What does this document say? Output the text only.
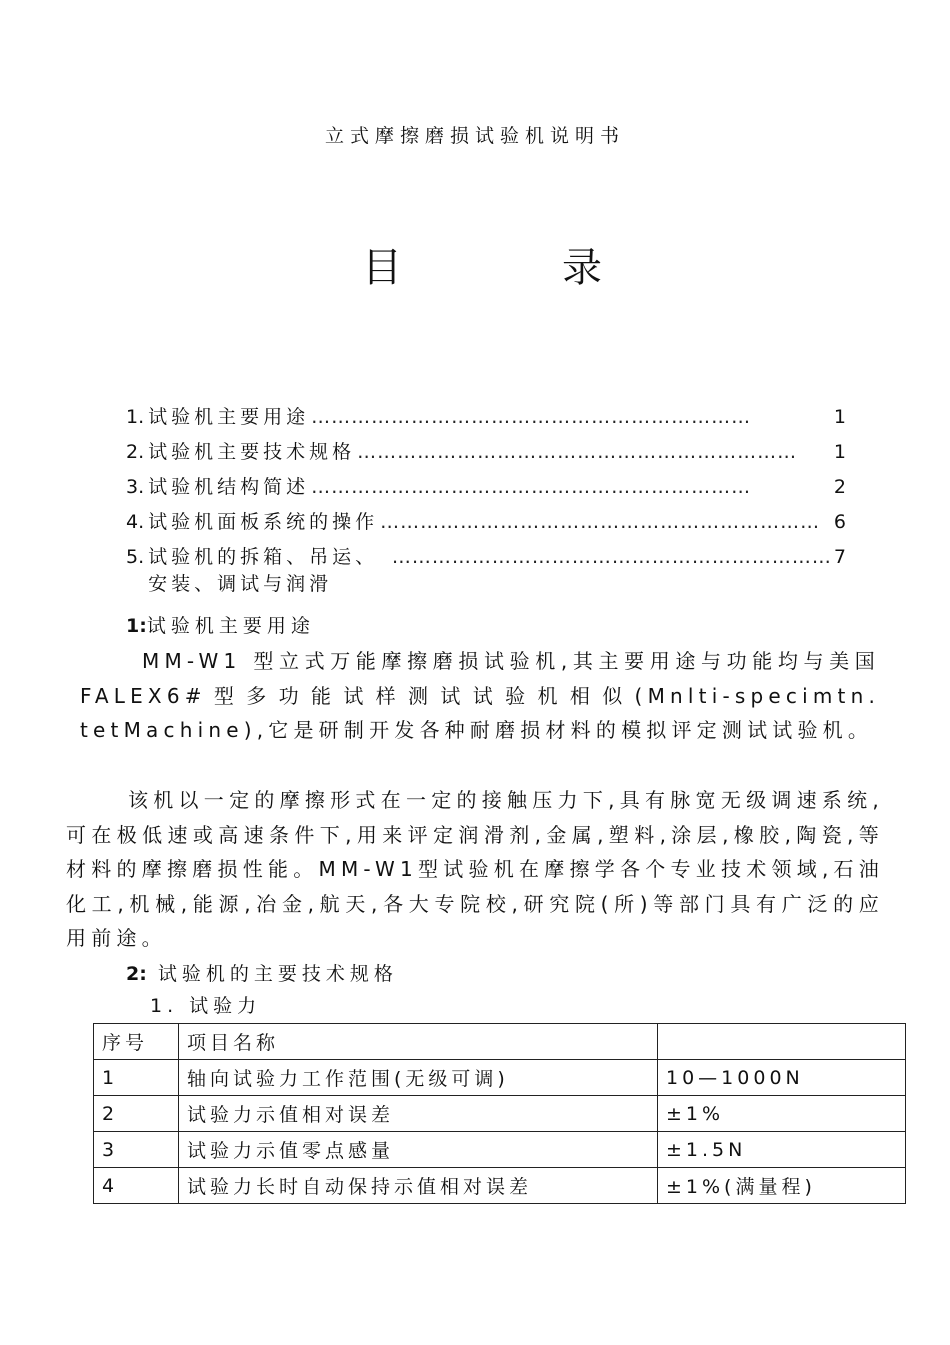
立式摩擦磨损试验机说明书
目	录
1. 试验机主要用途 …………………………………………………………	1
2. 试验机主要技术规格 …………………………………………………………	1
3. 试验机结构简述 …………………………………………………………	2
4. 试验机面板系统的操作 ………………………………………………………… 6
5. 试验机的拆箱、吊运、安装、调试与润滑
………………………………………………………… 7
1:试验机主要用途
MM-W1 型立式万能摩擦磨损试验机,其主要用途与功能均与美国 FALEX6#型多功能试样测试试验机相似(Mnlti-specimtn. tetMachine),它是研制开发各种耐磨损材料的模拟评定测试试验机。
该机以一定的摩擦形式在一定的接触压力下,具有脉宽无级调速系统,可在极低速或高速条件下,用来评定润滑剂,金属,塑料,涂层,橡胶,陶瓷,等材料的摩擦磨损性能。MM-W1型试验机在摩擦学各个专业技术领域,石油化工,机械,能源,冶金,航天,各大专院校,研究院(所)等部门具有广泛的应用前途。
2: 试验机的主要技术规格
1. 试验力
序号	项目名称	
1	轴向试验力工作范围(无级可调)	10—1000N
2	试验力示值相对误差	±1%
3	试验力示值零点感量	±1.5N
4	试验力长时自动保持示值相对误差	±1%(满量程)
